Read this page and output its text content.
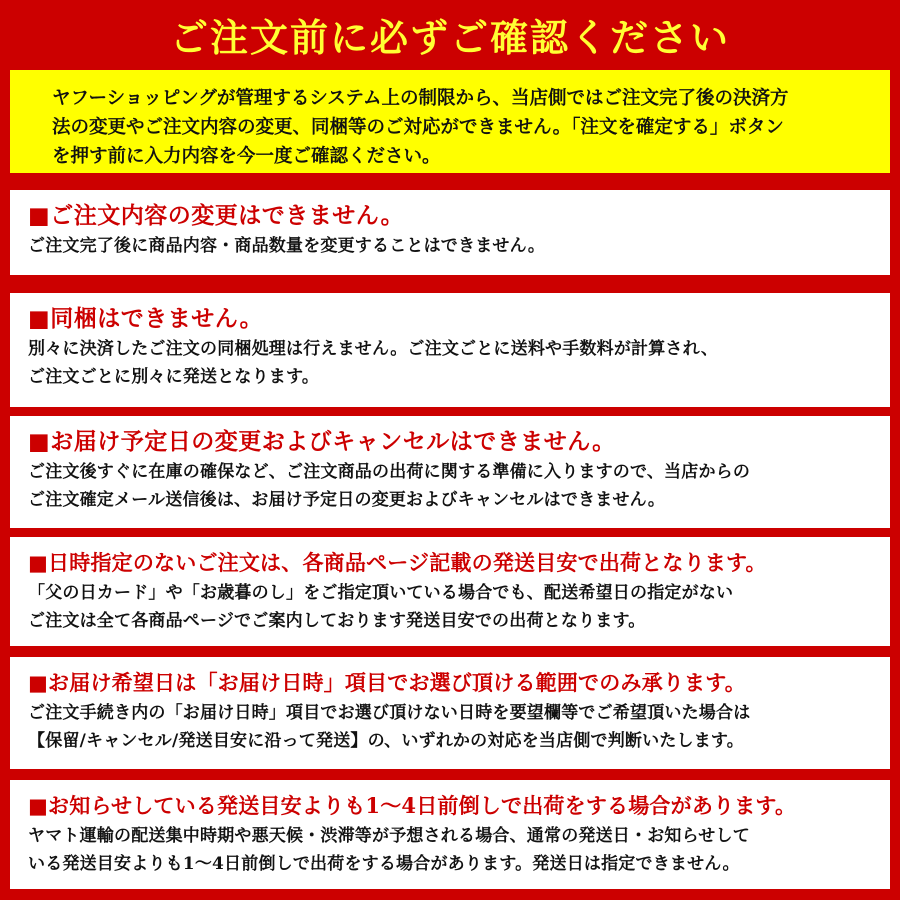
ご注文前に必ずご確認ください
ヤフーショッピングが管理するシステム上の制限から、当店側ではご注文完了後の決済方
法の変更やご注文内容の変更、同梱等のご対応ができません。「注文を確定する」ボタン
を押す前に入力内容を今一度ご確認ください。
■ご注文内容の変更はできません。
ご注文完了後に商品内容・商品数量を変更することはできません。
■同梱はできません。
別々に決済したご注文の同梱処理は行えません。ご注文ごとに送料や手数料が計算され、
ご注文ごとに別々に発送となります。
■お届け予定日の変更およびキャンセルはできません。
ご注文後すぐに在庫の確保など、ご注文商品の出荷に関する準備に入りますので、当店からの
ご注文確定メール送信後は、お届け予定日の変更およびキャンセルはできません。
■日時指定のないご注文は、各商品ページ記載の発送目安で出荷となります。
「父の日カード」や「お歳暮のし」をご指定頂いている場合でも、配送希望日の指定がない
ご注文は全て各商品ページでご案内しております発送目安での出荷となります。
■お届け希望日は「お届け日時」項目でお選び頂ける範囲でのみ承ります。
ご注文手続き内の「お届け日時」項目でお選び頂けない日時を要望欄等でご希望頂いた場合は
【保留/キャンセル/発送目安に沿って発送】の、いずれかの対応を当店側で判断いたします。
■お知らせしている発送目安よりも1～4日前倒しで出荷をする場合があります。
ヤマト運輸の配送集中時期や悪天候・渋滞等が予想される場合、通常の発送日・お知らせして
いる発送目安よりも1～4日前倒しで出荷をする場合があります。発送日は指定できません。
